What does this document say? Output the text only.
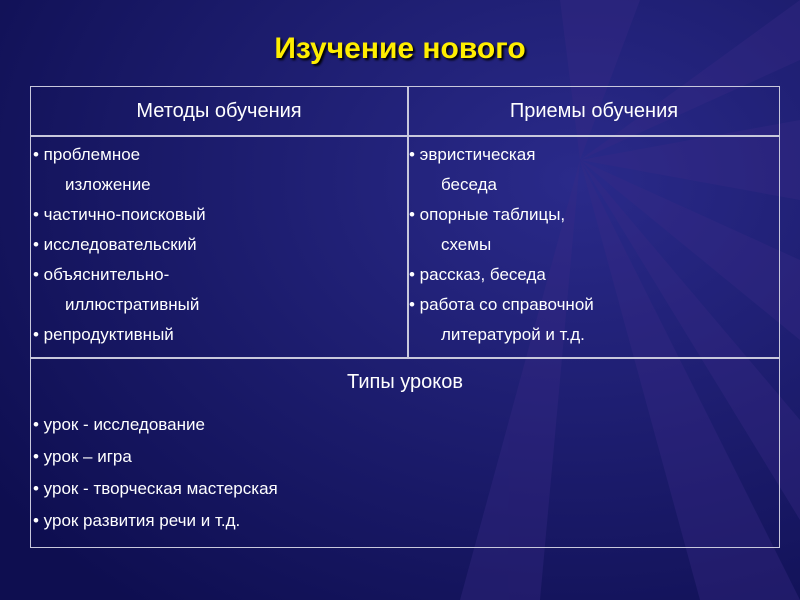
Изучение нового
Методы обучения	Приемы обучения
• проблемное
изложение
• частично-поисковый
• исследовательский
• объяснительно-
иллюстративный
• репродуктивный
• эвристическая
беседа
• опорные таблицы,
схемы
• рассказ, беседа
• работа со справочной
литературой и т.д.
Типы уроков
• урок - исследование
• урок – игра
• урок - творческая мастерская
• урок развития речи и т.д.
